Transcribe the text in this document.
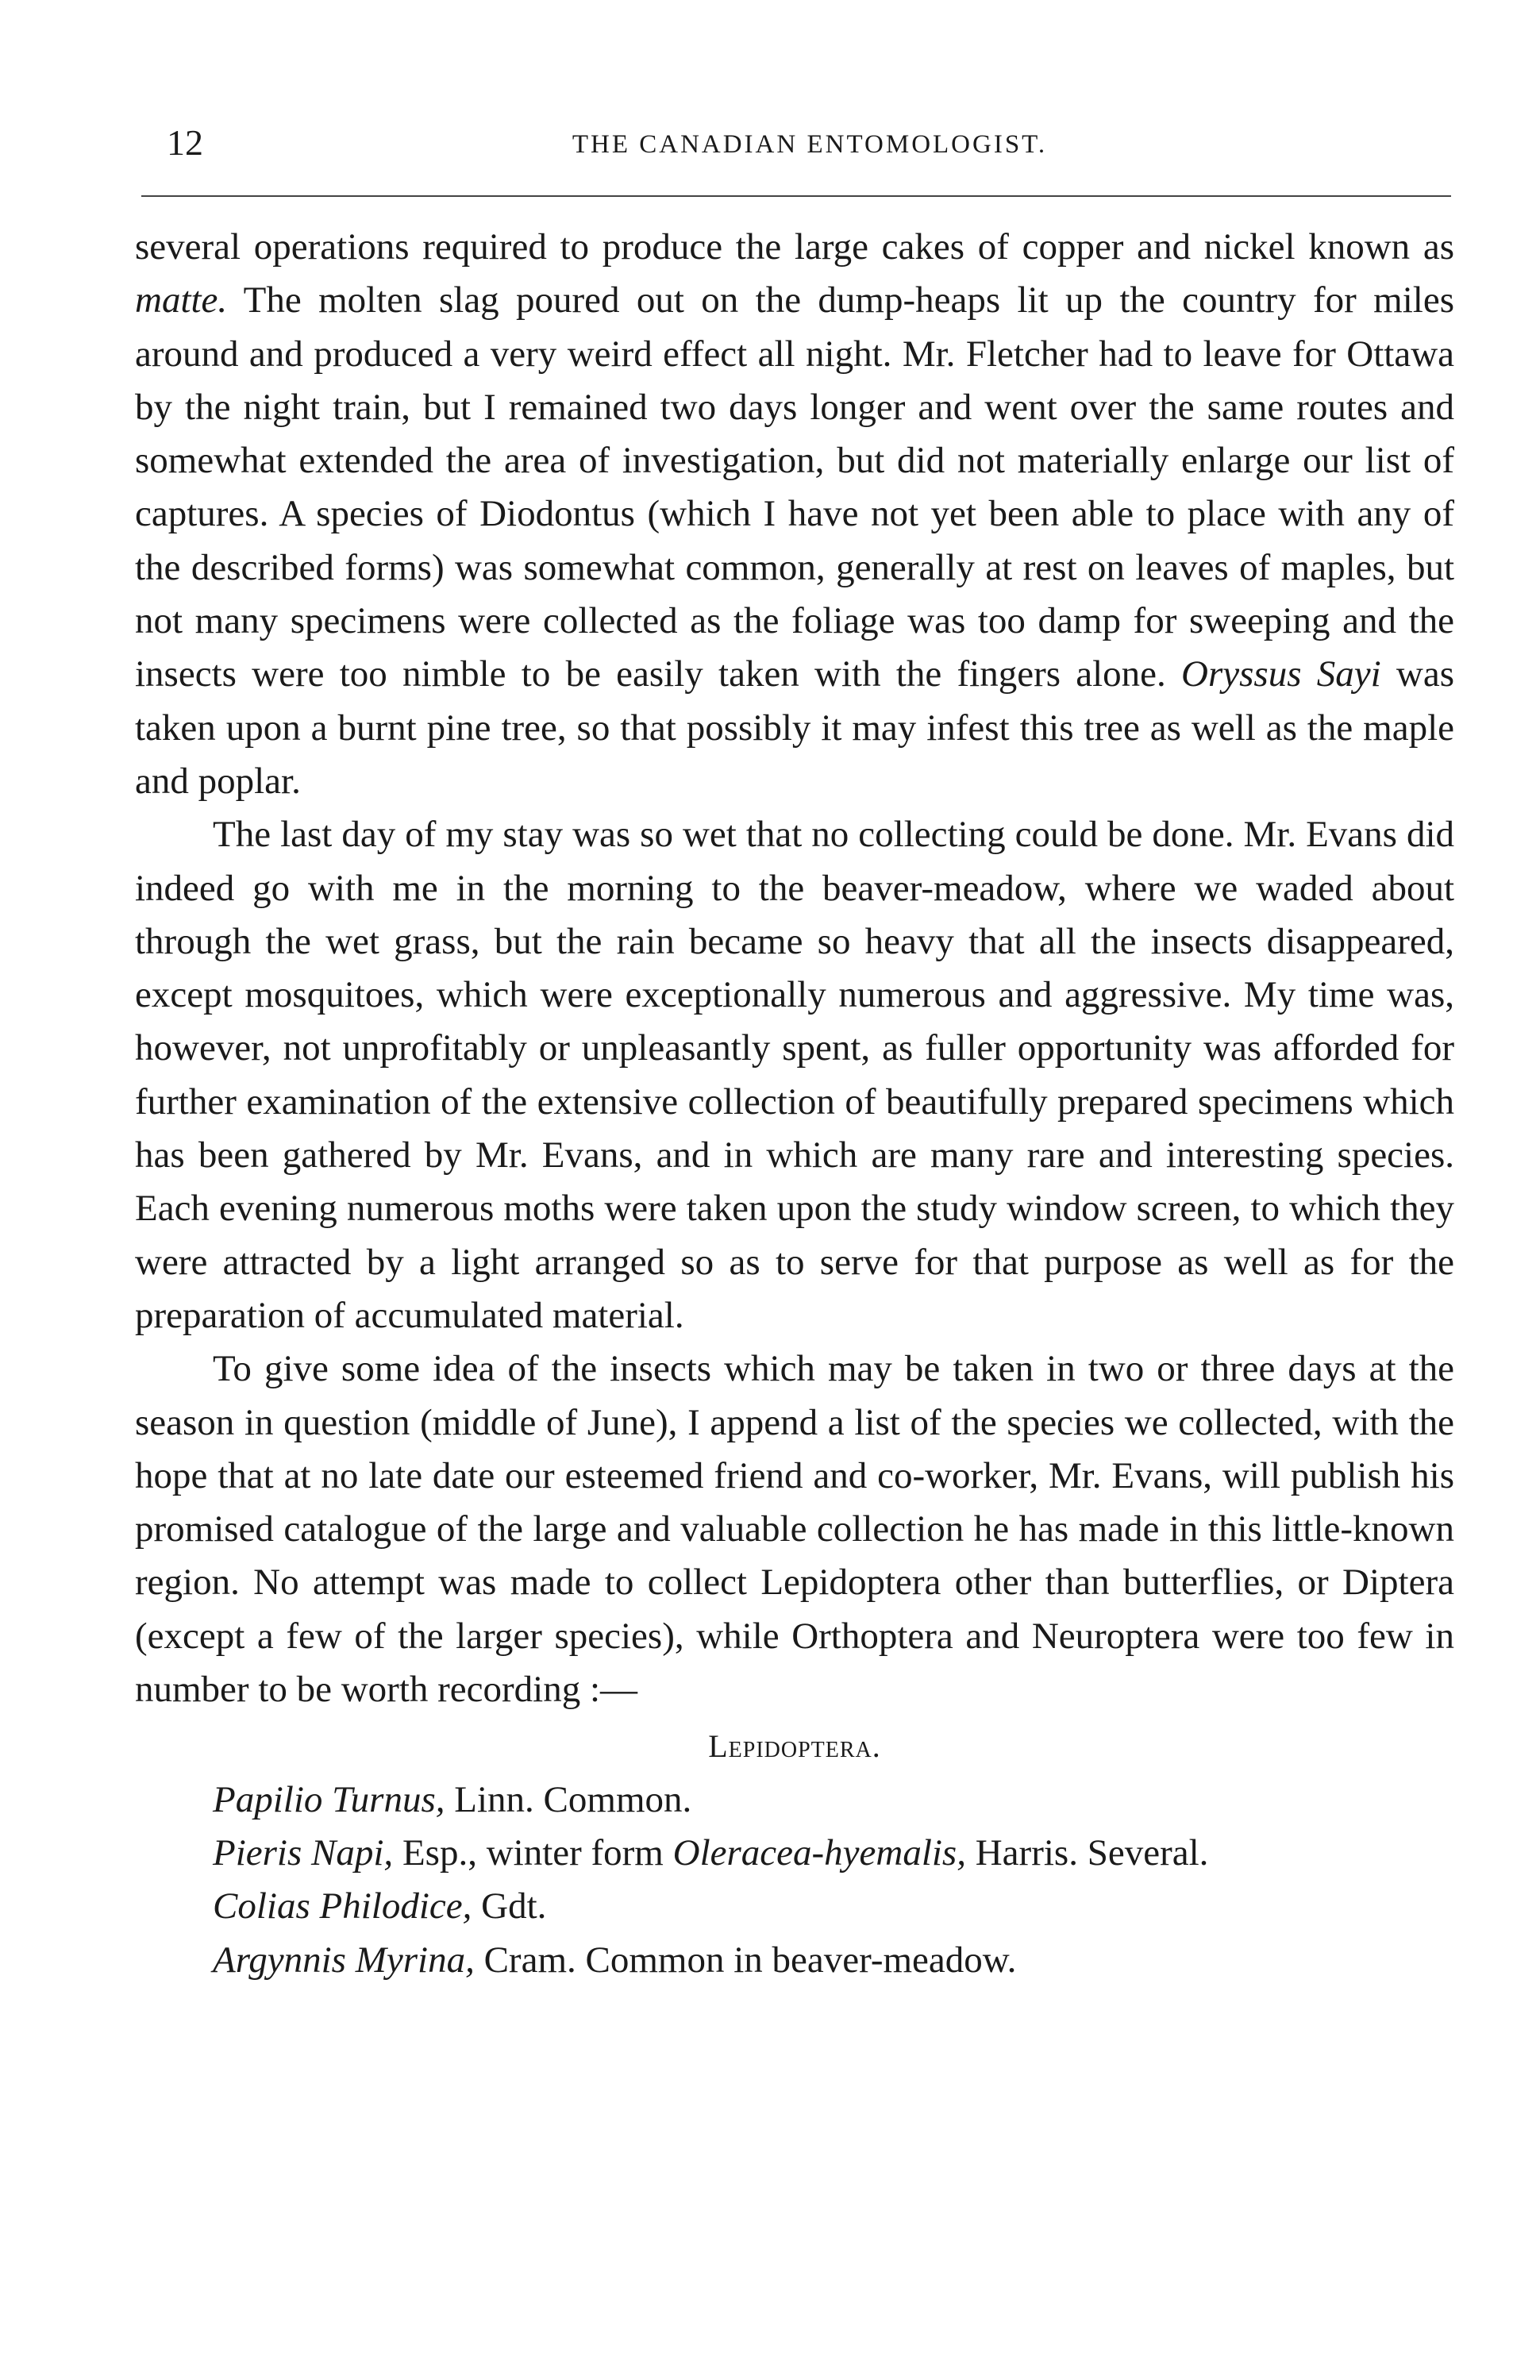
12	THE CANADIAN ENTOMOLOGIST.

several operations required to produce the large cakes of copper and nickel known as matte. The molten slag poured out on the dump-heaps lit up the country for miles around and produced a very weird effect all night. Mr. Fletcher had to leave for Ottawa by the night train, but I remained two days longer and went over the same routes and somewhat extended the area of investigation, but did not materially enlarge our list of captures. A species of Diodontus (which I have not yet been able to place with any of the described forms) was somewhat common, generally at rest on leaves of maples, but not many specimens were collected as the foliage was too damp for sweeping and the insects were too nimble to be easily taken with the fingers alone. Oryssus Sayi was taken upon a burnt pine tree, so that possibly it may infest this tree as well as the maple and poplar.

The last day of my stay was so wet that no collecting could be done. Mr. Evans did indeed go with me in the morning to the beaver-meadow, where we waded about through the wet grass, but the rain became so heavy that all the insects disappeared, except mosquitoes, which were exceptionally numerous and aggressive. My time was, however, not unprofitably or unpleasantly spent, as fuller opportunity was afforded for further examination of the extensive collection of beautifully prepared specimens which has been gathered by Mr. Evans, and in which are many rare and interesting species. Each evening numerous moths were taken upon the study window screen, to which they were attracted by a light arranged so as to serve for that purpose as well as for the preparation of accumulated material.

To give some idea of the insects which may be taken in two or three days at the season in question (middle of June), I append a list of the species we collected, with the hope that at no late date our esteemed friend and co-worker, Mr. Evans, will publish his promised catalogue of the large and valuable collection he has made in this little-known region. No attempt was made to collect Lepidoptera other than butterflies, or Diptera (except a few of the larger species), while Orthoptera and Neuroptera were too few in number to be worth recording :—

Lepidoptera.

Papilio Turnus, Linn. Common.
Pieris Napi, Esp., winter form Oleracea-hyemalis, Harris. Several.
Colias Philodice, Gdt.
Argynnis Myrina, Cram. Common in beaver-meadow.
